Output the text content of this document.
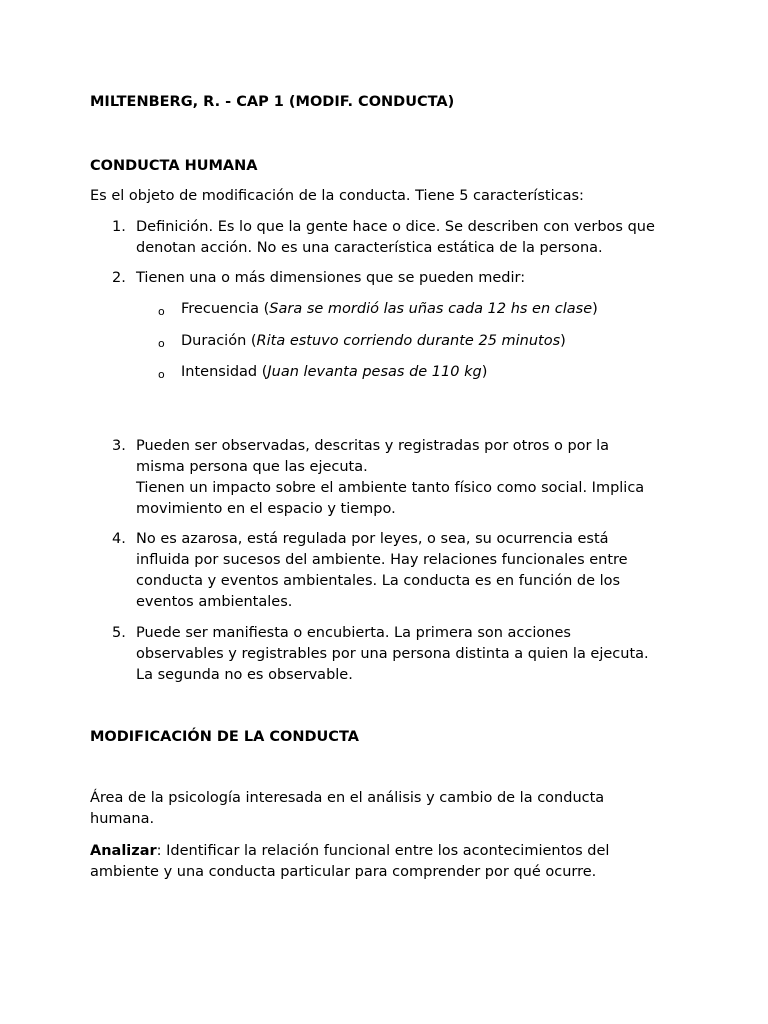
MILTENBERG, R. - CAP 1 (MODIF. CONDUCTA)

CONDUCTA HUMANA

Es el objeto de modificación de la conducta. Tiene 5 características:

1. Definición. Es lo que la gente hace o dice. Se describen con verbos que
denotan acción. No es una característica estática de la persona.
2. Tienen una o más dimensiones que se pueden medir:
o	Frecuencia (Sara se mordió las uñas cada 12 hs en clase)
o	Duración (Rita estuvo corriendo durante 25 minutos)
o	Intensidad (Juan levanta pesas de 110 kg)
3. Pueden ser observadas, descritas y registradas por otros o por la
misma persona que las ejecuta.
Tienen un impacto sobre el ambiente tanto físico como social. Implica
movimiento en el espacio y tiempo.
4. No es azarosa, está regulada por leyes, o sea, su ocurrencia está
influida por sucesos del ambiente. Hay relaciones funcionales entre
conducta y eventos ambientales. La conducta es en función de los
eventos ambientales.
5. Puede ser manifiesta o encubierta. La primera son acciones
observables y registrables por una persona distinta a quien la ejecuta.
La segunda no es observable.

MODIFICACIÓN DE LA CONDUCTA

Área de la psicología interesada en el análisis y cambio de la conducta
humana.

Analizar: Identificar la relación funcional entre los acontecimientos del
ambiente y una conducta particular para comprender por qué ocurre.
